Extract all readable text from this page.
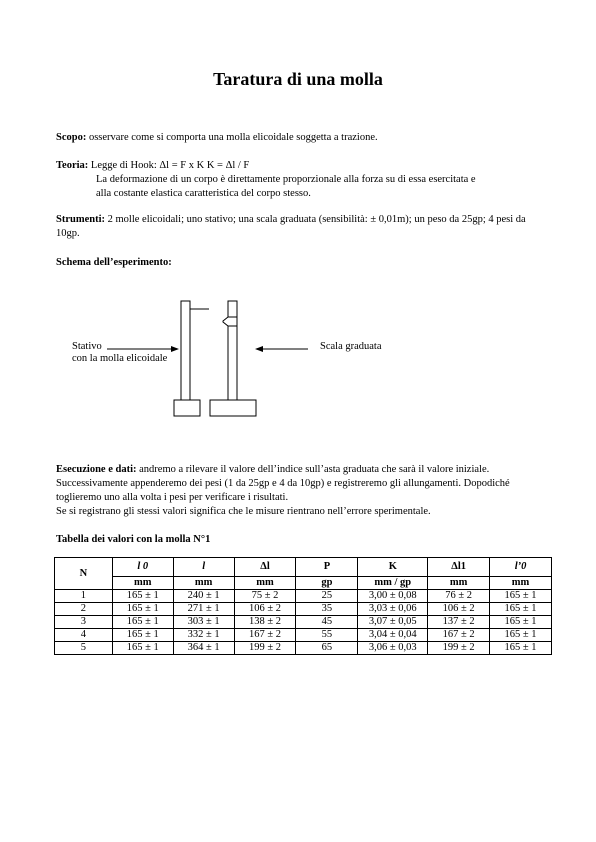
Taratura di una molla
Scopo: osservare come si comporta una molla elicoidale soggetta a trazione.
Teoria: Legge di Hook: Δl = F x K K = Δl / F
La deformazione di un corpo è direttamente proporzionale alla forza su di essa esercitata e
alla costante elastica caratteristica del corpo stesso.
Strumenti: 2 molle elicoidali; uno stativo; una scala graduata (sensibilità: ± 0,01m); un peso da 25gp; 4 pesi da 10gp.
Schema dell’esperimento:
Stativo
con la molla elicoidale
Scala graduata
Esecuzione e dati: andremo a rilevare il valore dell’indice sull’asta graduata che sarà il valore iniziale. Successivamente appenderemo dei pesi (1 da 25gp e 4 da 10gp) e registreremo gli allungamenti. Dopodiché toglieremo uno alla volta i pesi per verificare i risultati.
Se si registrano gli stessi valori significa che le misure rientrano nell’errore sperimentale.
Tabella dei valori con la molla N°1
N	l 0	l	Δl	P	K	Δl1	l’0
	mm	mm	mm	gp	mm / gp	mm	mm
1	165 ± 1	240 ± 1	75 ± 2	25	3,00 ± 0,08	76 ± 2	165 ± 1
2	165 ± 1	271 ± 1	106 ± 2	35	3,03 ± 0,06	106 ± 2	165 ± 1
3	165 ± 1	303 ± 1	138 ± 2	45	3,07 ± 0,05	137 ± 2	165 ± 1
4	165 ± 1	332 ± 1	167 ± 2	55	3,04 ± 0,04	167 ± 2	165 ± 1
5	165 ± 1	364 ± 1	199 ± 2	65	3,06 ± 0,03	199 ± 2	165 ± 1
